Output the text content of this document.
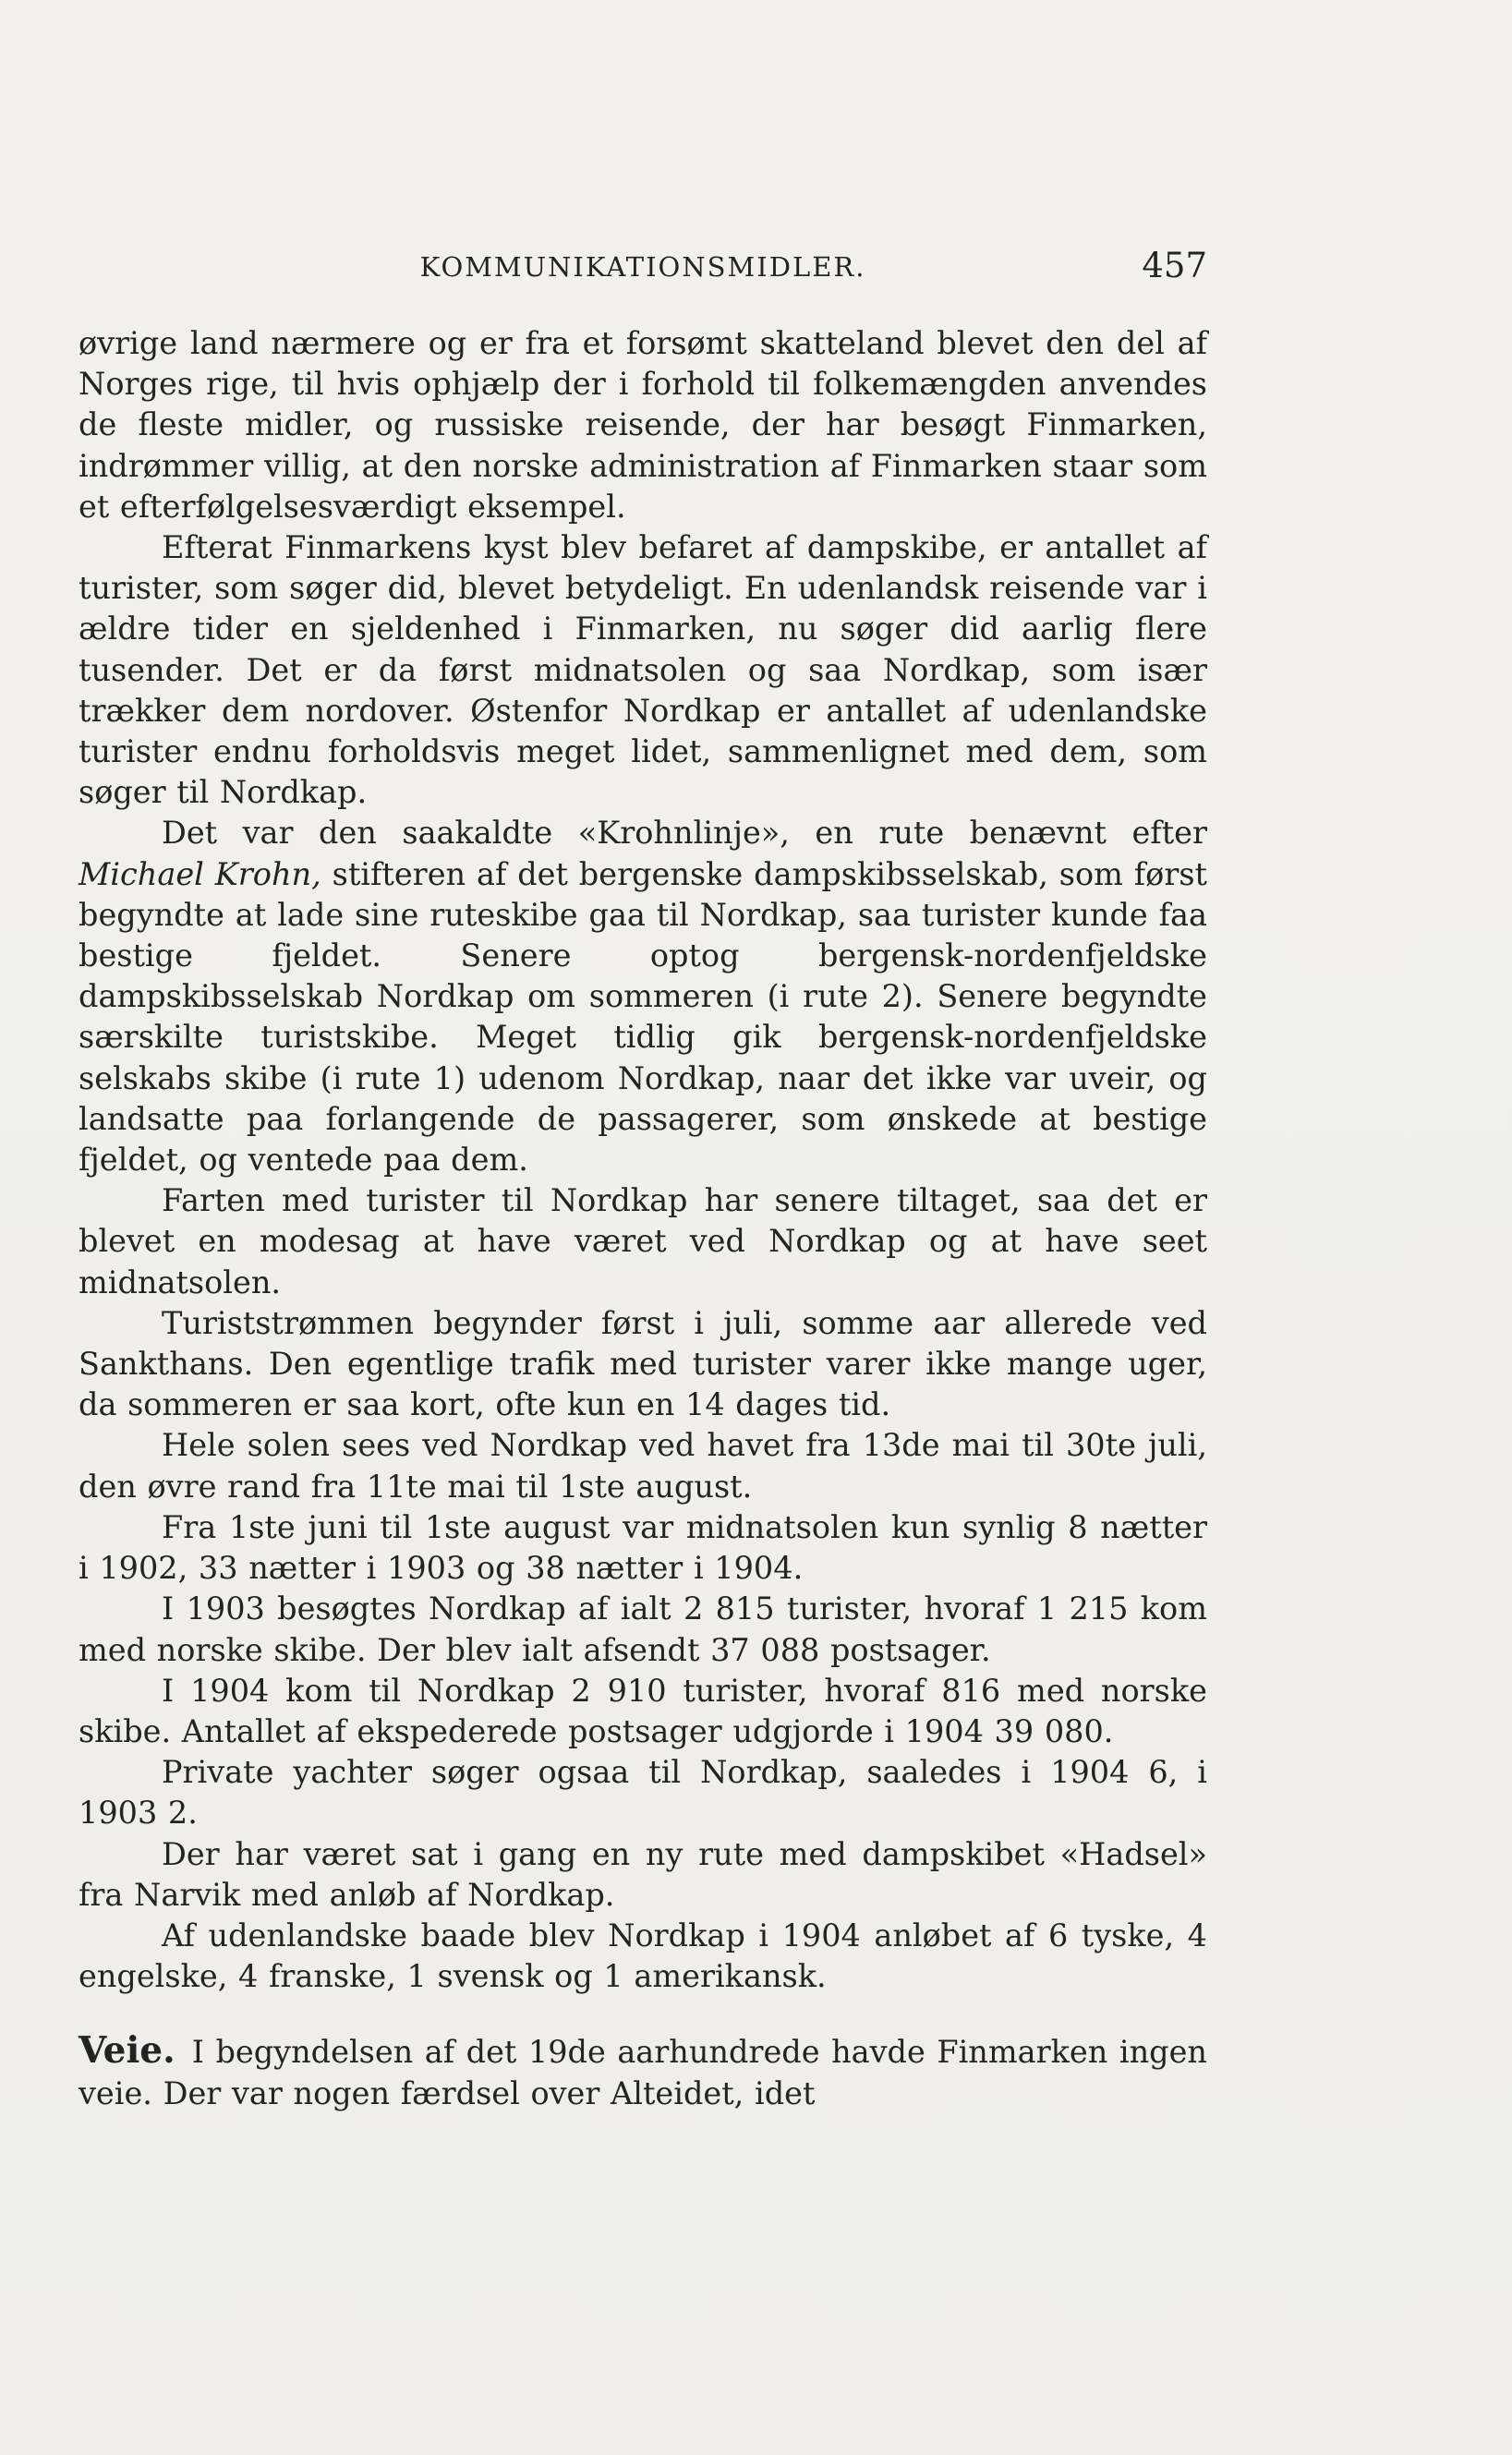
KOMMUNIKATIONSMIDLER.	457

øvrige land nærmere og er fra et forsømt skatteland blevet den del af Norges rige, til hvis ophjælp der i forhold til folkemængden anvendes de fleste midler, og russiske reisende, der har besøgt Finmarken, indrømmer villig, at den norske administration af Finmarken staar som et efterfølgelsesværdigt eksempel.

Efterat Finmarkens kyst blev befaret af dampskibe, er antallet af turister, som søger did, blevet betydeligt. En udenlandsk reisende var i ældre tider en sjeldenhed i Finmarken, nu søger did aarlig flere tusender. Det er da først midnatsolen og saa Nordkap, som især trækker dem nordover. Østenfor Nordkap er antallet af udenlandske turister endnu forholdsvis meget lidet, sammenlignet med dem, som søger til Nordkap.

Det var den saakaldte «Krohnlinje», en rute benævnt efter Michael Krohn, stifteren af det bergenske dampskibsselskab, som først begyndte at lade sine ruteskibe gaa til Nordkap, saa turister kunde faa bestige fjeldet. Senere optog bergensk-nordenfjeldske dampskibsselskab Nordkap om sommeren (i rute 2). Senere begyndte særskilte turistskibe. Meget tidlig gik bergensk-nordenfjeldske selskabs skibe (i rute 1) udenom Nordkap, naar det ikke var uveir, og landsatte paa forlangende de passagerer, som ønskede at bestige fjeldet, og ventede paa dem.

Farten med turister til Nordkap har senere tiltaget, saa det er blevet en modesag at have været ved Nordkap og at have seet midnatsolen.

Turiststrømmen begynder først i juli, somme aar allerede ved Sankthans. Den egentlige trafik med turister varer ikke mange uger, da sommeren er saa kort, ofte kun en 14 dages tid.

Hele solen sees ved Nordkap ved havet fra 13de mai til 30te juli, den øvre rand fra 11te mai til 1ste august.

Fra 1ste juni til 1ste august var midnatsolen kun synlig 8 nætter i 1902, 33 nætter i 1903 og 38 nætter i 1904.

I 1903 besøgtes Nordkap af ialt 2 815 turister, hvoraf 1 215 kom med norske skibe. Der blev ialt afsendt 37 088 postsager.

I 1904 kom til Nordkap 2 910 turister, hvoraf 816 med norske skibe. Antallet af ekspederede postsager udgjorde i 1904 39 080.

Private yachter søger ogsaa til Nordkap, saaledes i 1904 6, i 1903 2.

Der har været sat i gang en ny rute med dampskibet «Hadsel» fra Narvik med anløb af Nordkap.

Af udenlandske baade blev Nordkap i 1904 anløbet af 6 tyske, 4 engelske, 4 franske, 1 svensk og 1 amerikansk.

Veie. I begyndelsen af det 19de aarhundrede havde Finmarken ingen veie. Der var nogen færdsel over Alteidet, idet
